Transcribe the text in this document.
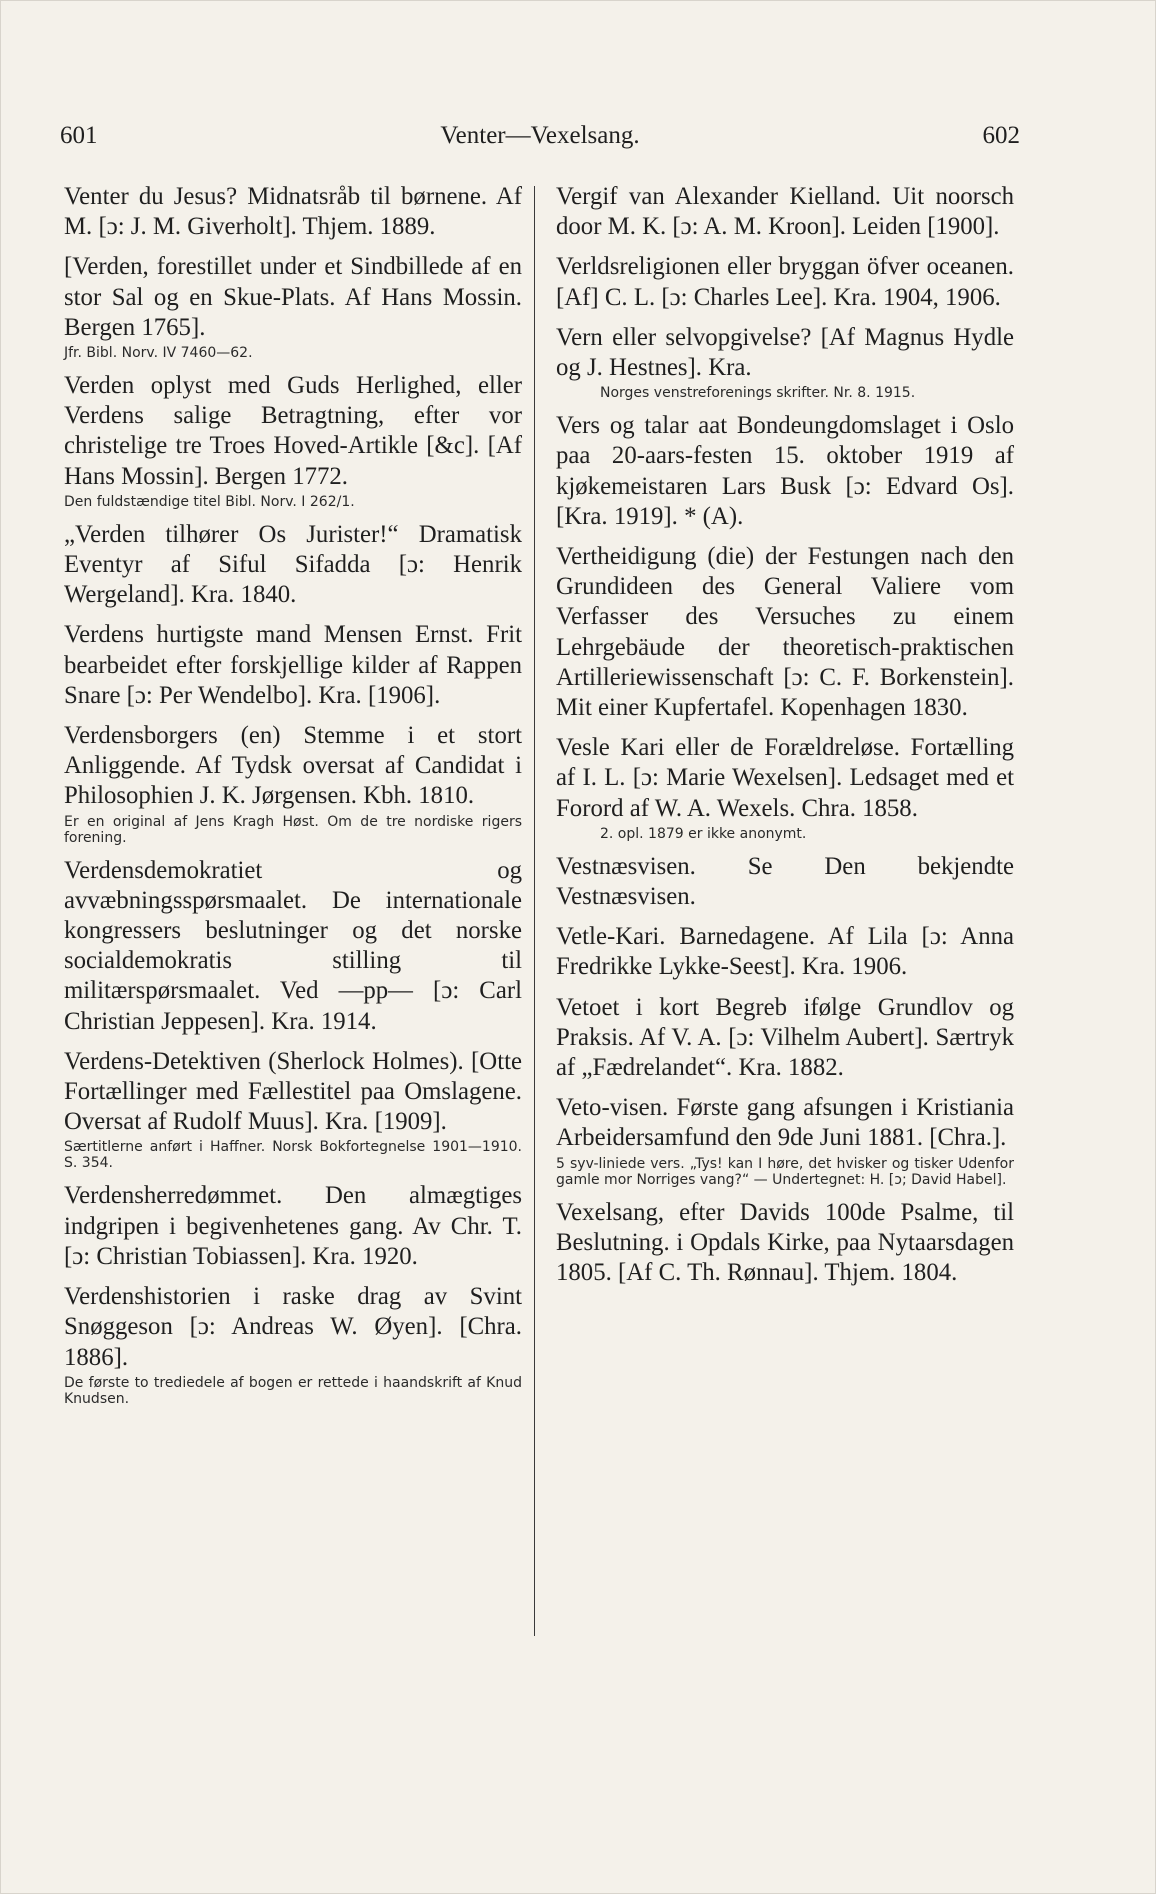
601	Venter—Vexelsang.	602

Venter du Jesus? Midnatsråb til børnene. Af M. [ɔ: J. M. Giverholt]. Thjem. 1889.

[Verden, forestillet under et Sindbillede af en stor Sal og en Skue-Plats. Af Hans Mossin. Bergen 1765].

Jfr. Bibl. Norv. IV 7460—62.

Verden oplyst med Guds Herlighed, eller Verdens salige Betragtning, efter vor christelige tre Troes Hoved-Artikle [&c]. [Af Hans Mossin]. Bergen 1772.

Den fuldstændige titel Bibl. Norv. I 262/1.

„Verden tilhører Os Jurister!“ Dramatisk Eventyr af Siful Sifadda [ɔ: Henrik Wergeland]. Kra. 1840.

Verdens hurtigste mand Mensen Ernst. Frit bearbeidet efter forskjellige kilder af Rappen Snare [ɔ: Per Wendelbo]. Kra. [1906].

Verdensborgers (en) Stemme i et stort Anliggende. Af Tydsk oversat af Candidat i Philosophien J. K. Jørgensen. Kbh. 1810.

Er en original af Jens Kragh Høst. Om de tre nordiske rigers forening.

Verdensdemokratiet og avvæbningsspørsmaalet. De internationale kongressers beslutninger og det norske socialdemokratis stilling til militærspørsmaalet. Ved —pp— [ɔ: Carl Christian Jeppesen]. Kra. 1914.

Verdens-Detektiven (Sherlock Holmes). [Otte Fortællinger med Fællestitel paa Omslagene. Oversat af Rudolf Muus]. Kra. [1909].

Særtitlerne anført i Haffner. Norsk Bokfortegnelse 1901—1910. S. 354.

Verdensherredømmet. Den almægtiges indgripen i begivenhetenes gang. Av Chr. T. [ɔ: Christian Tobiassen]. Kra. 1920.

Verdenshistorien i raske drag av Svint Snøggeson [ɔ: Andreas W. Øyen]. [Chra. 1886].

De første to trediedele af bogen er rettede i haandskrift af Knud Knudsen.

Vergif van Alexander Kielland. Uit noorsch door M. K. [ɔ: A. M. Kroon]. Leiden [1900].

Verldsreligionen eller bryggan öfver oceanen. [Af] C. L. [ɔ: Charles Lee]. Kra. 1904, 1906.

Vern eller selvopgivelse? [Af Magnus Hydle og J. Hestnes]. Kra.

Norges venstreforenings skrifter. Nr. 8. 1915.

Vers og talar aat Bondeungdomslaget i Oslo paa 20-aars-festen 15. oktober 1919 af kjøkemeistaren Lars Busk [ɔ: Edvard Os]. [Kra. 1919]. * (A).

Vertheidigung (die) der Festungen nach den Grundideen des General Valiere vom Verfasser des Versuches zu einem Lehrgebäude der theoretisch-praktischen Artilleriewissenschaft [ɔ: C. F. Borkenstein]. Mit einer Kupfertafel. Kopenhagen 1830.

Vesle Kari eller de Forældreløse. Fortælling af I. L. [ɔ: Marie Wexelsen]. Ledsaget med et Forord af W. A. Wexels. Chra. 1858.

2. opl. 1879 er ikke anonymt.

Vestnæsvisen. Se Den bekjendte Vestnæsvisen.

Vetle-Kari. Barnedagene. Af Lila [ɔ: Anna Fredrikke Lykke-Seest]. Kra. 1906.

Vetoet i kort Begreb ifølge Grundlov og Praksis. Af V. A. [ɔ: Vilhelm Aubert]. Særtryk af „Fædrelandet“. Kra. 1882.

Veto-visen. Første gang afsungen i Kristiania Arbeidersamfund den 9de Juni 1881. [Chra.].

5 syv-liniede vers. „Tys! kan I høre, det hvisker og tisker Udenfor gamle mor Norriges vang?“ — Undertegnet: H. [ɔ; David Habel].

Vexelsang, efter Davids 100de Psalme, til Beslutning. i Opdals Kirke, paa Nytaarsdagen 1805. [Af C. Th. Rønnau]. Thjem. 1804.
